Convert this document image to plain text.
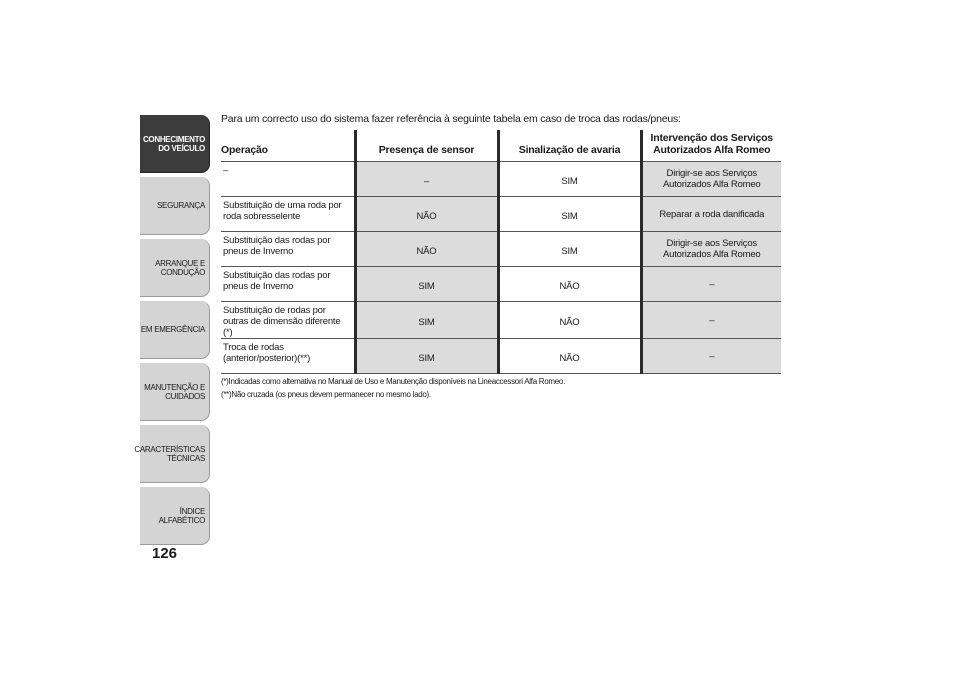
CONHECIMENTO
DO VEÍCULO
SEGURANÇA
ARRANQUE E
CONDUÇÃO
EM EMERGÊNCIA
MANUTENÇÃO E
CUIDADOS
CARACTERÍSTICAS
TÉCNICAS
ÍNDICE ALFABÉTICO
126

Para um correcto uso do sistema fazer referência à seguinte tabela em caso de troca das rodas/pneus:

Operação	Presença de sensor	Sinalização de avaria	Intervenção dos Serviços Autorizados Alfa Romeo
–	–	SIM	Dirigir-se aos Serviços Autorizados Alfa Romeo
Substituição de uma roda por roda sobresselente	NÃO	SIM	Reparar a roda danificada
Substituição das rodas por pneus de Inverno	NÃO	SIM	Dirigir-se aos Serviços Autorizados Alfa Romeo
Substituição das rodas por pneus de Inverno	SIM	NÃO	–
Substituição de rodas por outras de dimensão diferente (*)	SIM	NÃO	–
Troca de rodas (anterior/posterior)(**)	SIM	NÃO	–
(*)Indicadas como alternativa no Manual de Uso e Manutenção disponíveis na Lineaccessori Alfa Romeo.
(**)Não cruzada (os pneus devem permanecer no mesmo lado).
